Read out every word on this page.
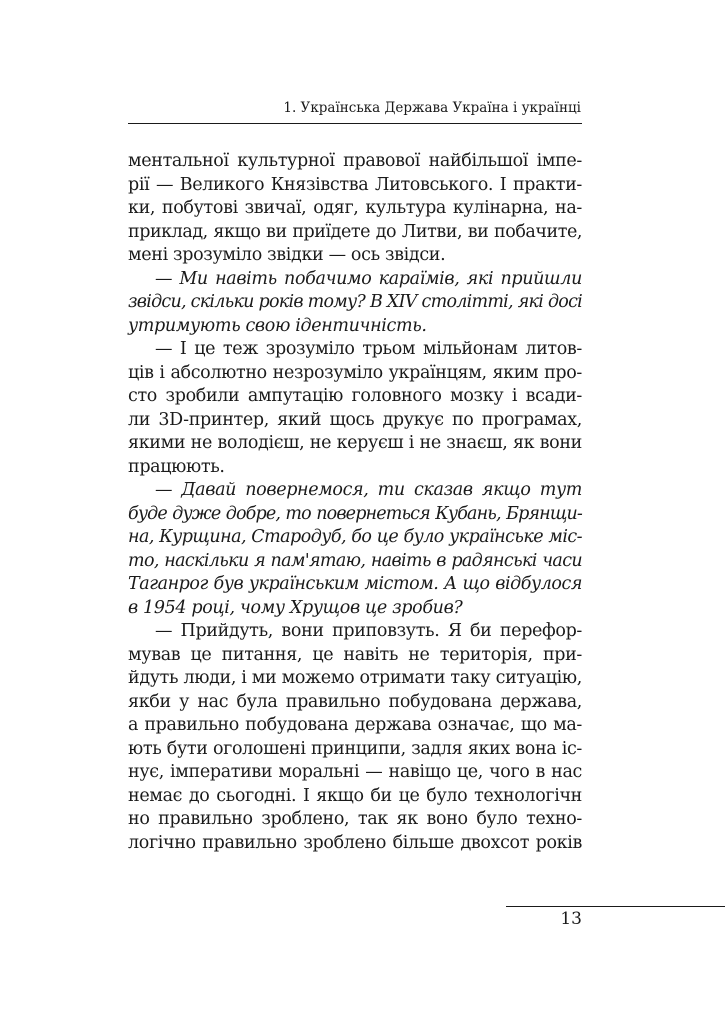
1. Українська Держава Україна і українці
ментальної культурної правової найбільшої імпе-
рії — Великого Князівства Литовського. І практи-
ки, побутові звичаї, одяг, культура кулінарна, на-
приклад, якщо ви приїдете до Литви, ви побачите,
мені зрозуміло звідки — ось звідси.
— Ми навіть побачимо караїмів, які прийшли
звідси, скільки років тому? В XIV столітті, які досі
утримують свою ідентичність.
— І це теж зрозуміло трьом мільйонам литов-
ців і абсолютно незрозуміло українцям, яким про-
сто зробили ампутацію головного мозку і всади-
ли 3D-принтер, який щось друкує по програмах,
якими не володієш, не керуєш і не знаєш, як вони
працюють.
— Давай повернемося, ти сказав якщо тут
буде дуже добре, то повернеться Кубань, Брянщи-
на, Курщина, Стародуб, бо це було українське міс-
то, наскільки я пам'ятаю, навіть в радянські часи
Таганрог був українським містом. А що відбулося
в 1954 році, чому Хрущов це зробив?
— Прийдуть, вони приповзуть. Я би перефор-
мував це питання, це навіть не територія, при-
йдуть люди, і ми можемо отримати таку ситуацію,
якби у нас була правильно побудована держава,
а правильно побудована держава означає, що ма-
ють бути оголошені принципи, задля яких вона іс-
нує, імперативи моральні — навіщо це, чого в нас
немає до сьогодні. І якщо би це було технологічн
но правильно зроблено, так як воно було техно-
логічно правильно зроблено більше двохсот років
13
